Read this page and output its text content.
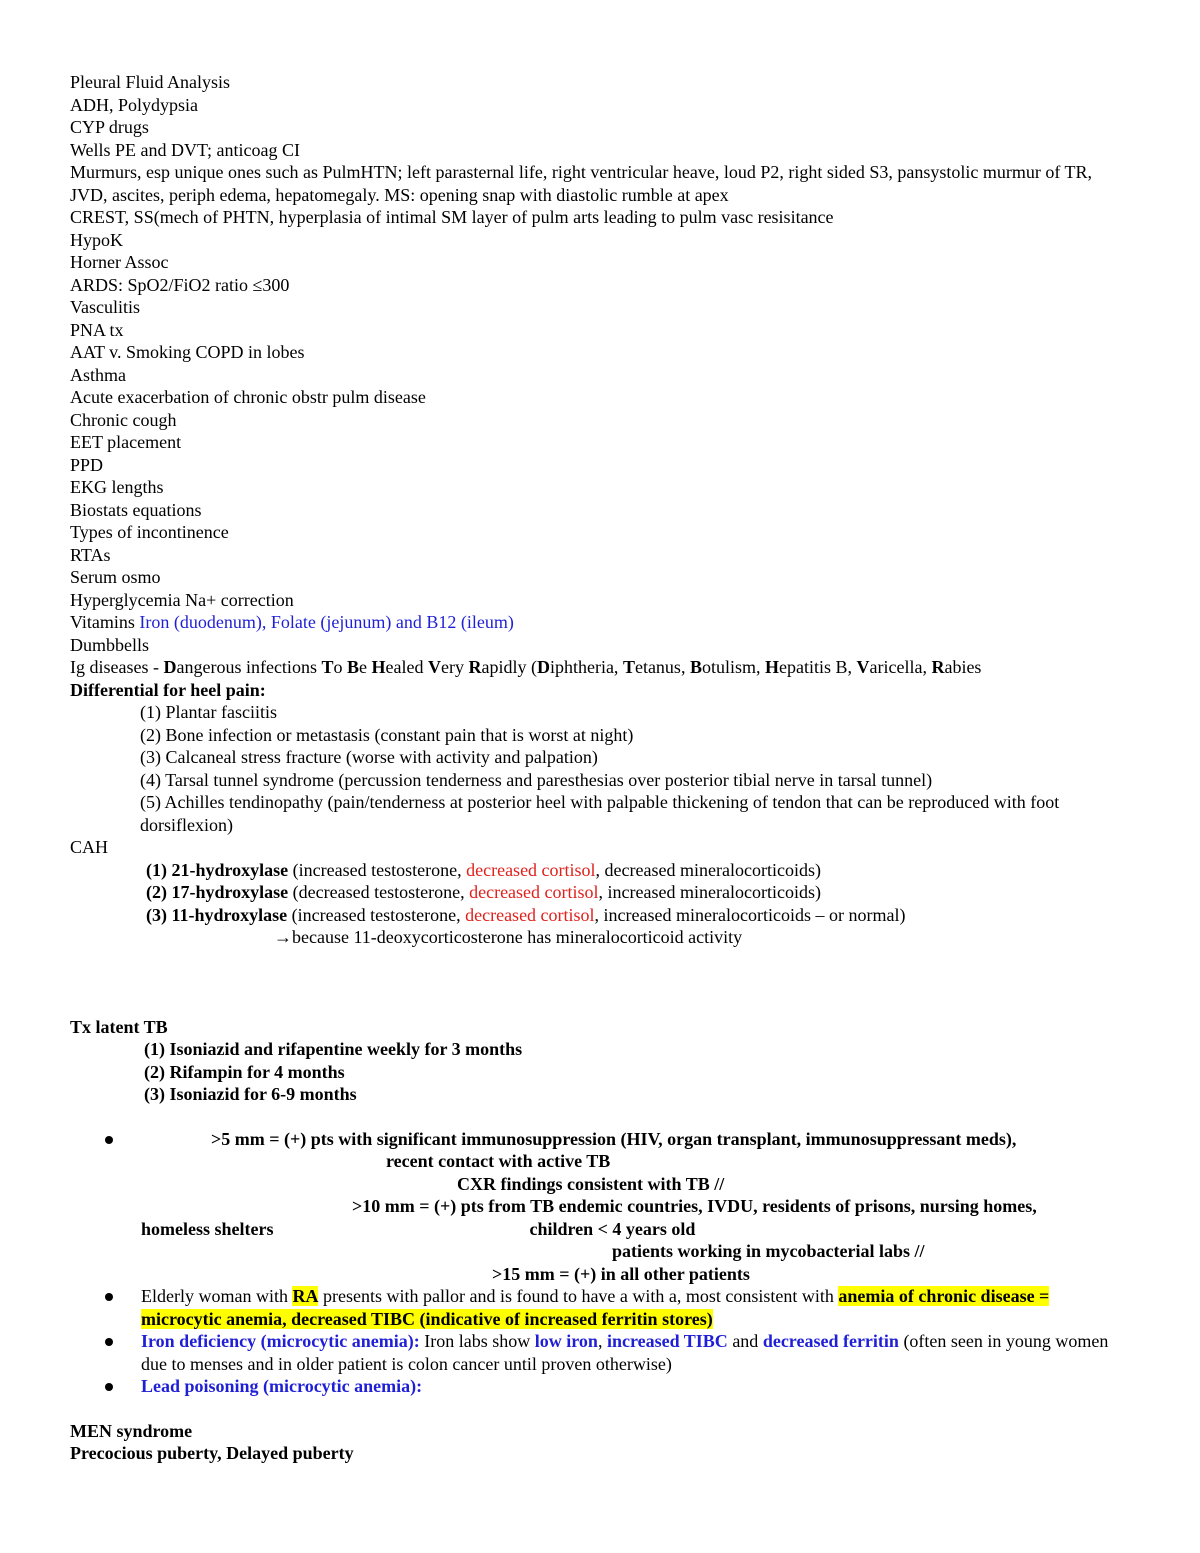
Pleural Fluid Analysis
ADH, Polydypsia
CYP drugs
Wells PE and DVT; anticoag CI
Murmurs, esp unique ones such as PulmHTN; left parasternal life, right ventricular heave, loud P2, right sided S3, pansystolic murmur of TR, JVD, ascites, periph edema, hepatomegaly. MS: opening snap with diastolic rumble at apex
CREST, SS(mech of PHTN, hyperplasia of intimal SM layer of pulm arts leading to pulm vasc resisitance
HypoK
Horner Assoc
ARDS: SpO2/FiO2 ratio ≤300
Vasculitis
PNA tx
AAT v. Smoking COPD in lobes
Asthma
Acute exacerbation of chronic obstr pulm disease
Chronic cough
EET placement
PPD
EKG lengths
Biostats equations
Types of incontinence
RTAs
Serum osmo
Hyperglycemia Na+ correction
Vitamins Iron (duodenum), Folate (jejunum) and B12 (ileum)
Dumbbells
Ig diseases - Dangerous infections To Be Healed Very Rapidly (Diphtheria, Tetanus, Botulism, Hepatitis B, Varicella, Rabies
Differential for heel pain:
(1) Plantar fasciitis
(2) Bone infection or metastasis (constant pain that is worst at night)
(3) Calcaneal stress fracture (worse with activity and palpation)
(4) Tarsal tunnel syndrome (percussion tenderness and paresthesias over posterior tibial nerve in tarsal tunnel)
(5) Achilles tendinopathy (pain/tenderness at posterior heel with palpable thickening of tendon that can be reproduced with foot dorsiflexion)
CAH
(1) 21-hydroxylase (increased testosterone, decreased cortisol, decreased mineralocorticoids)
(2) 17-hydroxylase (decreased testosterone, decreased cortisol, increased mineralocorticoids)
(3) 11-hydroxylase (increased testosterone, decreased cortisol, increased mineralocorticoids – or normal)
→because 11-deoxycorticosterone has mineralocorticoid activity
Tx latent TB
(1) Isoniazid and rifapentine weekly for 3 months
(2) Rifampin for 4 months
(3) Isoniazid for 6-9 months
>5 mm = (+) pts with significant immunosuppression (HIV, organ transplant, immunosuppressant meds),
recent contact with active TB
CXR findings consistent with TB //
>10 mm = (+) pts from TB endemic countries, IVDU, residents of prisons, nursing homes,
homeless shelters	children < 4 years old
patients working in mycobacterial labs //
>15 mm = (+) in all other patients
Elderly woman with RA presents with pallor and is found to have a with a, most consistent with anemia of chronic disease = microcytic anemia, decreased TIBC (indicative of increased ferritin stores)
Iron deficiency (microcytic anemia): Iron labs show low iron, increased TIBC and decreased ferritin (often seen in young women due to menses and in older patient is colon cancer until proven otherwise)
Lead poisoning (microcytic anemia):
MEN syndrome
Precocious puberty, Delayed puberty
